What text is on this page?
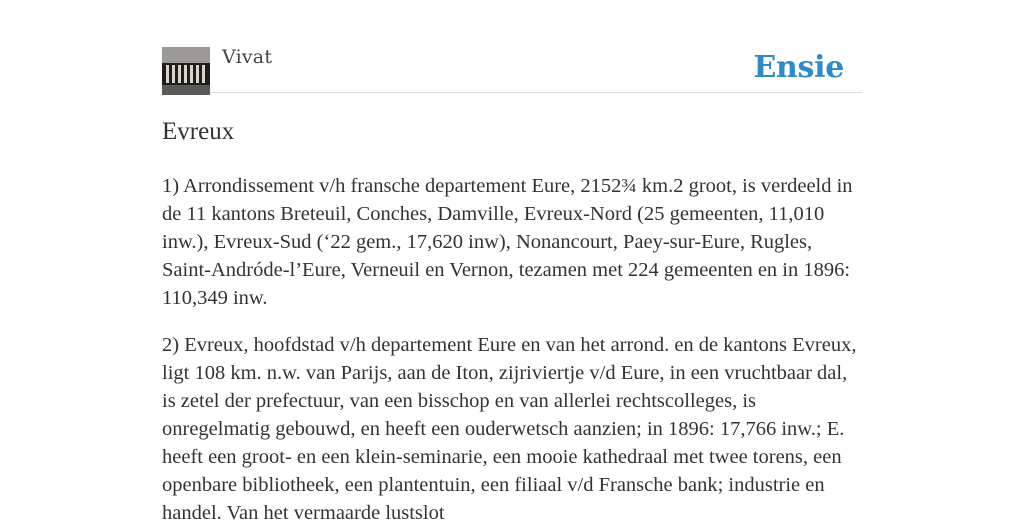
Vivat	Ensie
Evreux

1) Arrondissement v/h fransche departement Eure, 2152¾ km.2 groot, is verdeeld in de 11 kantons Breteuil, Conches, Damville, Evreux-Nord (25 gemeenten, 11,010 inw.), Evreux-Sud (‘22 gem., 17,620 inw), Nonancourt, Paey-sur-Eure, Rugles, Saint-Andróde-l’Eure, Verneuil en Vernon, tezamen met 224 gemeenten en in 1896: 110,349 inw.

2) Evreux, hoofdstad v/h departement Eure en van het arrond. en de kantons Evreux, ligt 108 km. n.w. van Parijs, aan de Iton, zijriviertje v/d Eure, in een vruchtbaar dal, is zetel der prefectuur, van een bisschop en van allerlei rechtscolleges, is onregelmatig gebouwd, en heeft een ouderwetsch aanzien; in 1896: 17,766 inw.; E. heeft een groot- en een klein-seminarie, een mooie kathedraal met twee torens, een openbare bibliotheek, een plantentuin, een filiaal v/d Fransche bank; industrie en handel. Van het vermaarde lustslot
